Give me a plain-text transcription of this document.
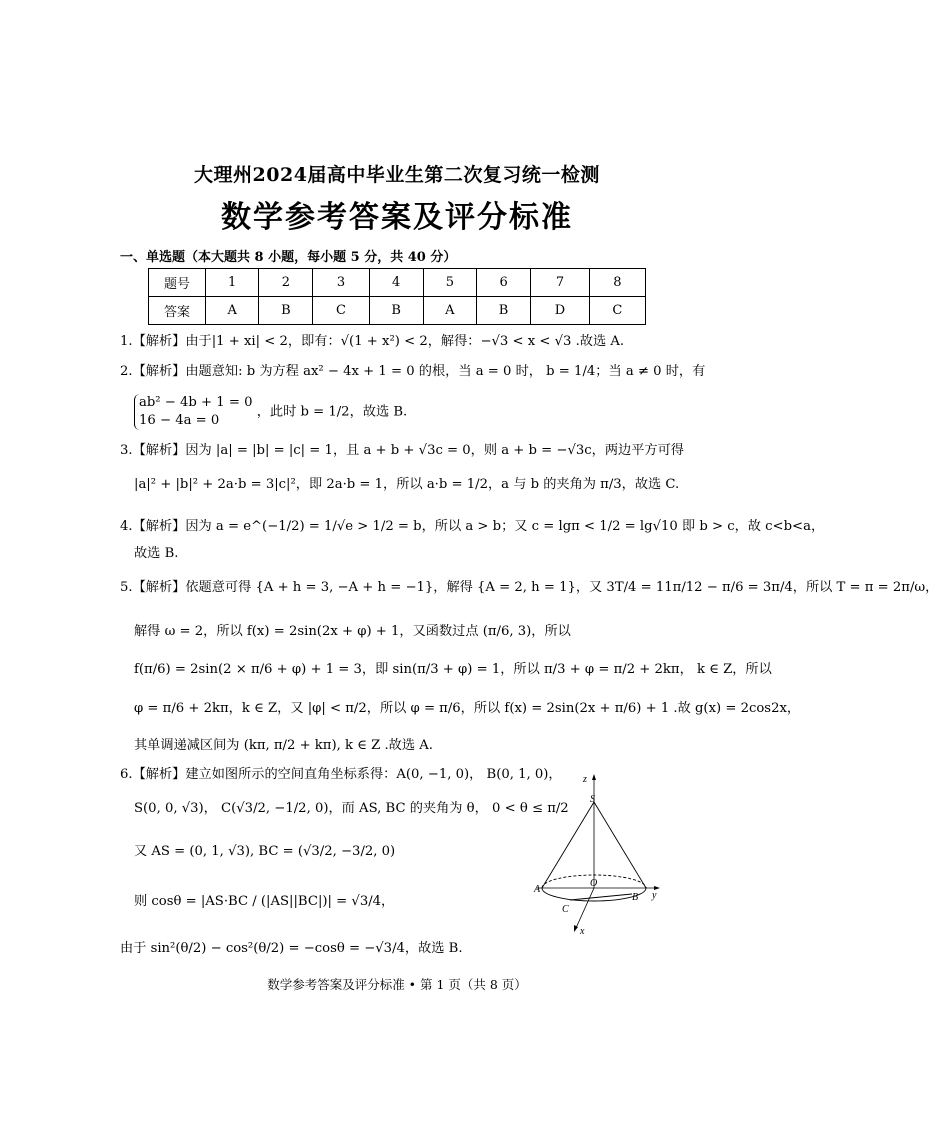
大理州2024届高中毕业生第二次复习统一检测
数学参考答案及评分标准
一、单选题（本大题共 8 小题，每小题 5 分，共 40 分）
题号	1	2	3	4	5	6	7	8
答案	A	B	C	B	A	B	D	C
1.【解析】由于|1 + xi| < 2，即有：√(1 + x²) < 2，解得：−√3 < x < √3 .故选 A.
2.【解析】由题意知: b 为方程 ax² − 4x + 1 = 0 的根，当 a = 0 时， b = 1/4；当 a ≠ 0 时，有
ab² − 4b + 1 = 0
16 − 4a = 0
，此时 b = 1/2，故选 B.
3.【解析】因为 |a| = |b| = |c| = 1，且 a + b + √3c = 0，则 a + b = −√3c，两边平方可得
|a|² + |b|² + 2a·b = 3|c|²，即 2a·b = 1，所以 a·b = 1/2，a 与 b 的夹角为 π/3，故选 C.
4.【解析】因为 a = e^(−1/2) = 1/√e > 1/2 = b，所以 a > b；又 c = lgπ < 1/2 = lg√10 即 b > c，故 c<b<a，
故选 B.
5.【解析】依题意可得 {A + h = 3, −A + h = −1}，解得 {A = 2, h = 1}，又 3T/4 = 11π/12 − π/6 = 3π/4，所以 T = π = 2π/ω，
解得 ω = 2，所以 f(x) = 2sin(2x + φ) + 1，又函数过点 (π/6, 3)，所以
f(π/6) = 2sin(2 × π/6 + φ) + 1 = 3，即 sin(π/3 + φ) = 1，所以 π/3 + φ = π/2 + 2kπ， k ∈ Z，所以
φ = π/6 + 2kπ，k ∈ Z，又 |φ| < π/2，所以 φ = π/6，所以 f(x) = 2sin(2x + π/6) + 1 .故 g(x) = 2cos2x，
其单调递减区间为 (kπ, π/2 + kπ), k ∈ Z .故选 A.
6.【解析】建立如图所示的空间直角坐标系得：A(0, −1, 0)， B(0, 1, 0)，
S(0, 0, √3)， C(√3/2, −1/2, 0)，而 AS, BC 的夹角为 θ， 0 < θ ≤ π/2
又 AS = (0, 1, √3), BC = (√3/2, −3/2, 0)
则 cosθ = |AS·BC / (|AS||BC|)| = √3/4，
由于 sin²(θ/2) − cos²(θ/2) = −cosθ = −√3/4，故选 B.
z
S
O
A
B y
C
x
数学参考答案及评分标准 • 第 1 页（共 8 页）
